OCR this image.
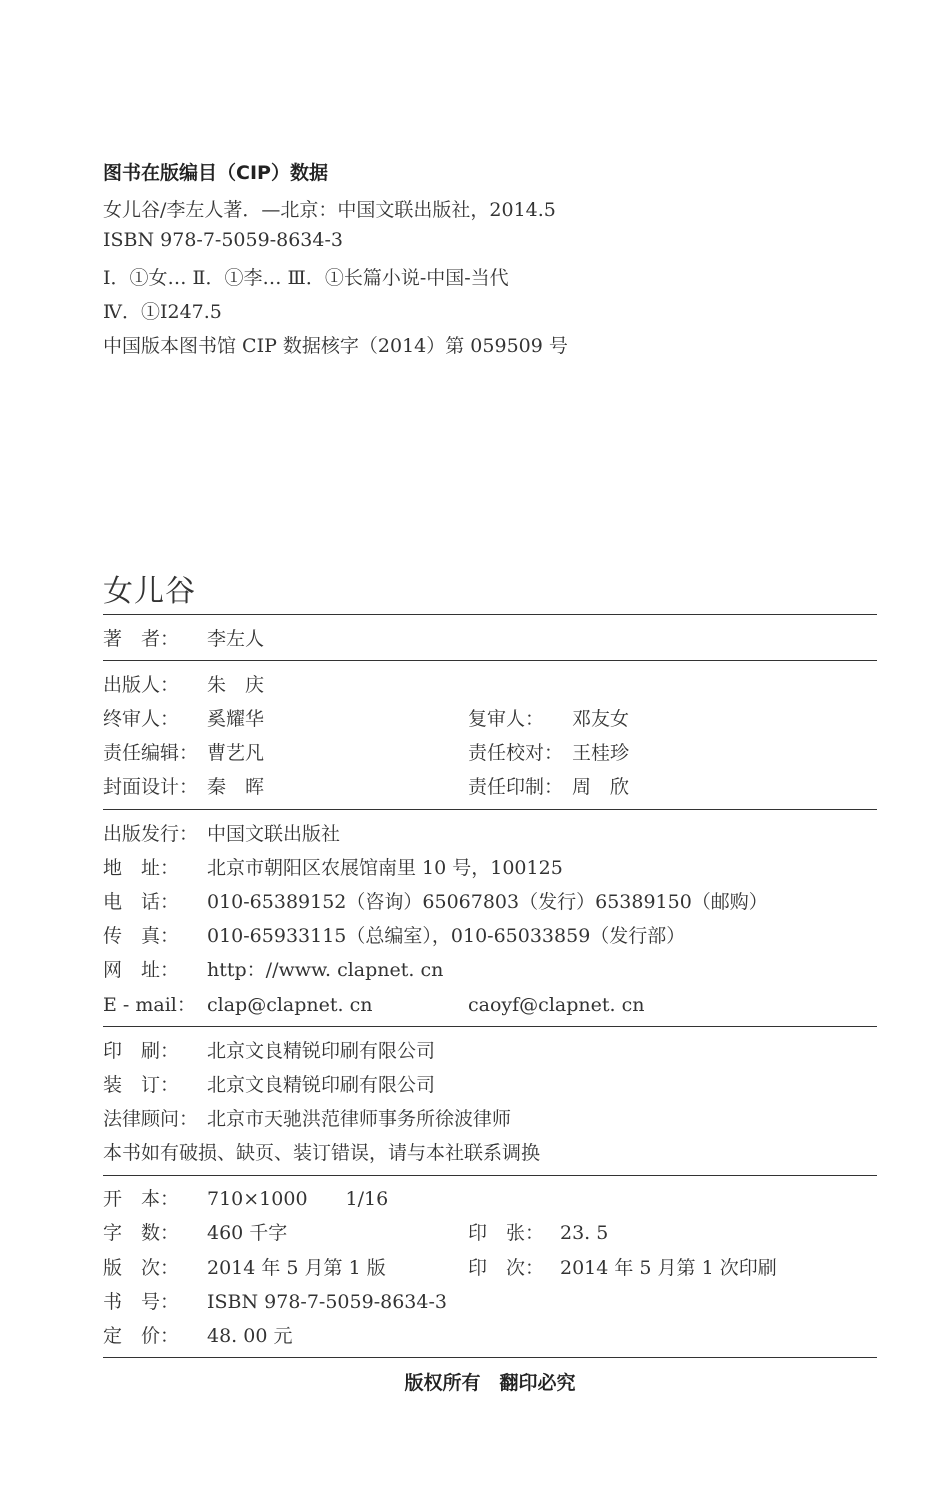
图书在版编目（CIP）数据
女儿谷/李左人著．—北京：中国文联出版社，2014.5
ISBN 978-7-5059-8634-3
Ⅰ．①女… Ⅱ．①李… Ⅲ．①长篇小说-中国-当代
Ⅳ．①I247.5
中国版本图书馆 CIP 数据核字（2014）第 059509 号
女儿谷
著　者： 李左人
出版人： 朱　庆
终审人： 奚耀华	复审人： 邓友女
责任编辑： 曹艺凡	责任校对： 王桂珍
封面设计： 秦　晖	责任印制： 周　欣
出版发行： 中国文联出版社
地　址： 北京市朝阳区农展馆南里 10 号，100125
电　话： 010-65389152（咨询）65067803（发行）65389150（邮购）
传　真： 010-65933115（总编室），010-65033859（发行部）
网　址： http：//www. clapnet. cn
E - mail： clap@clapnet. cn	caoyf@clapnet. cn
印　刷： 北京文良精锐印刷有限公司
装　订： 北京文良精锐印刷有限公司
法律顾问： 北京市天驰洪范律师事务所徐波律师
本书如有破损、缺页、装订错误，请与本社联系调换
开　本： 710×1000　　1/16
字　数： 460 千字	印　张： 23. 5
版　次： 2014 年 5 月第 1 版	印　次： 2014 年 5 月第 1 次印刷
书　号： ISBN 978-7-5059-8634-3
定　价： 48. 00 元
版权所有　翻印必究
